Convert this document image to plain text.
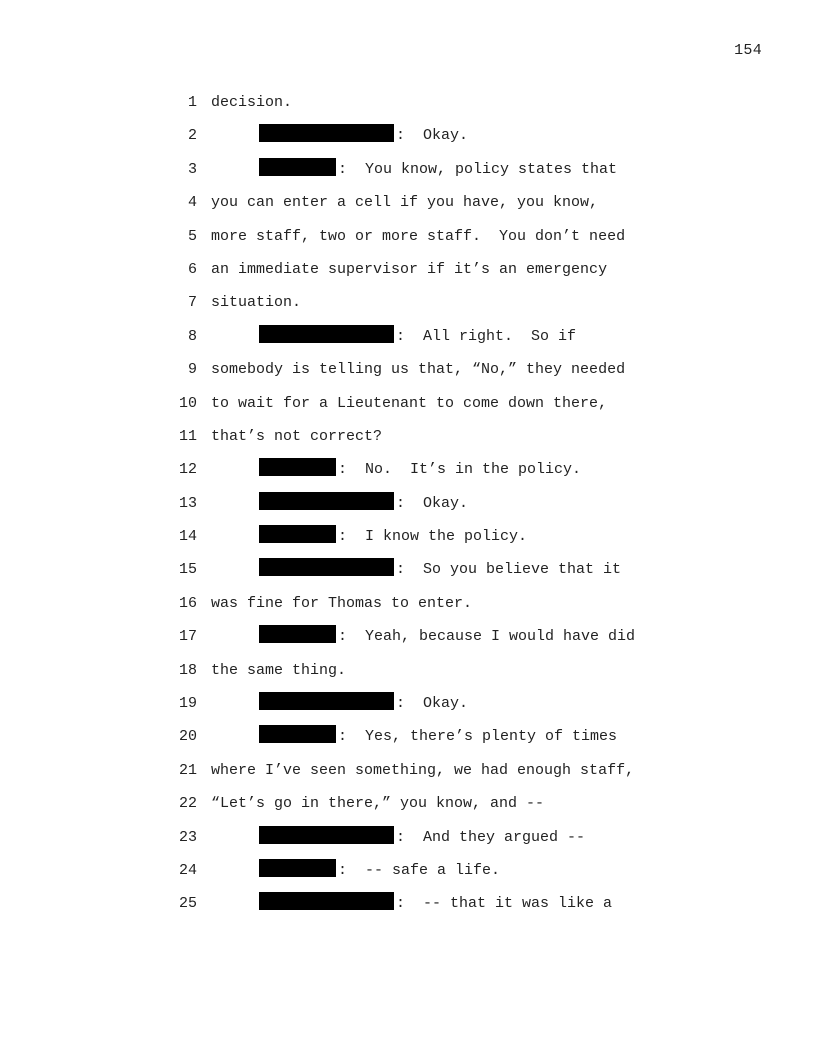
154
1 decision.
2	:  Okay.
3	:  You know, policy states that
4 you can enter a cell if you have, you know,
5 more staff, two or more staff.  You don’t need
6 an immediate supervisor if it’s an emergency
7 situation.
8	:  All right.  So if
9 somebody is telling us that, “No,” they needed
10 to wait for a Lieutenant to come down there,
11 that’s not correct?
12	:  No.  It’s in the policy.
13	:  Okay.
14	:  I know the policy.
15	:  So you believe that it
16 was fine for Thomas to enter.
17	:  Yeah, because I would have did
18 the same thing.
19	:  Okay.
20	:  Yes, there’s plenty of times
21 where I’ve seen something, we had enough staff,
22 “Let’s go in there,” you know, and --
23	:  And they argued --
24	:  -- safe a life.
25	:  -- that it was like a
